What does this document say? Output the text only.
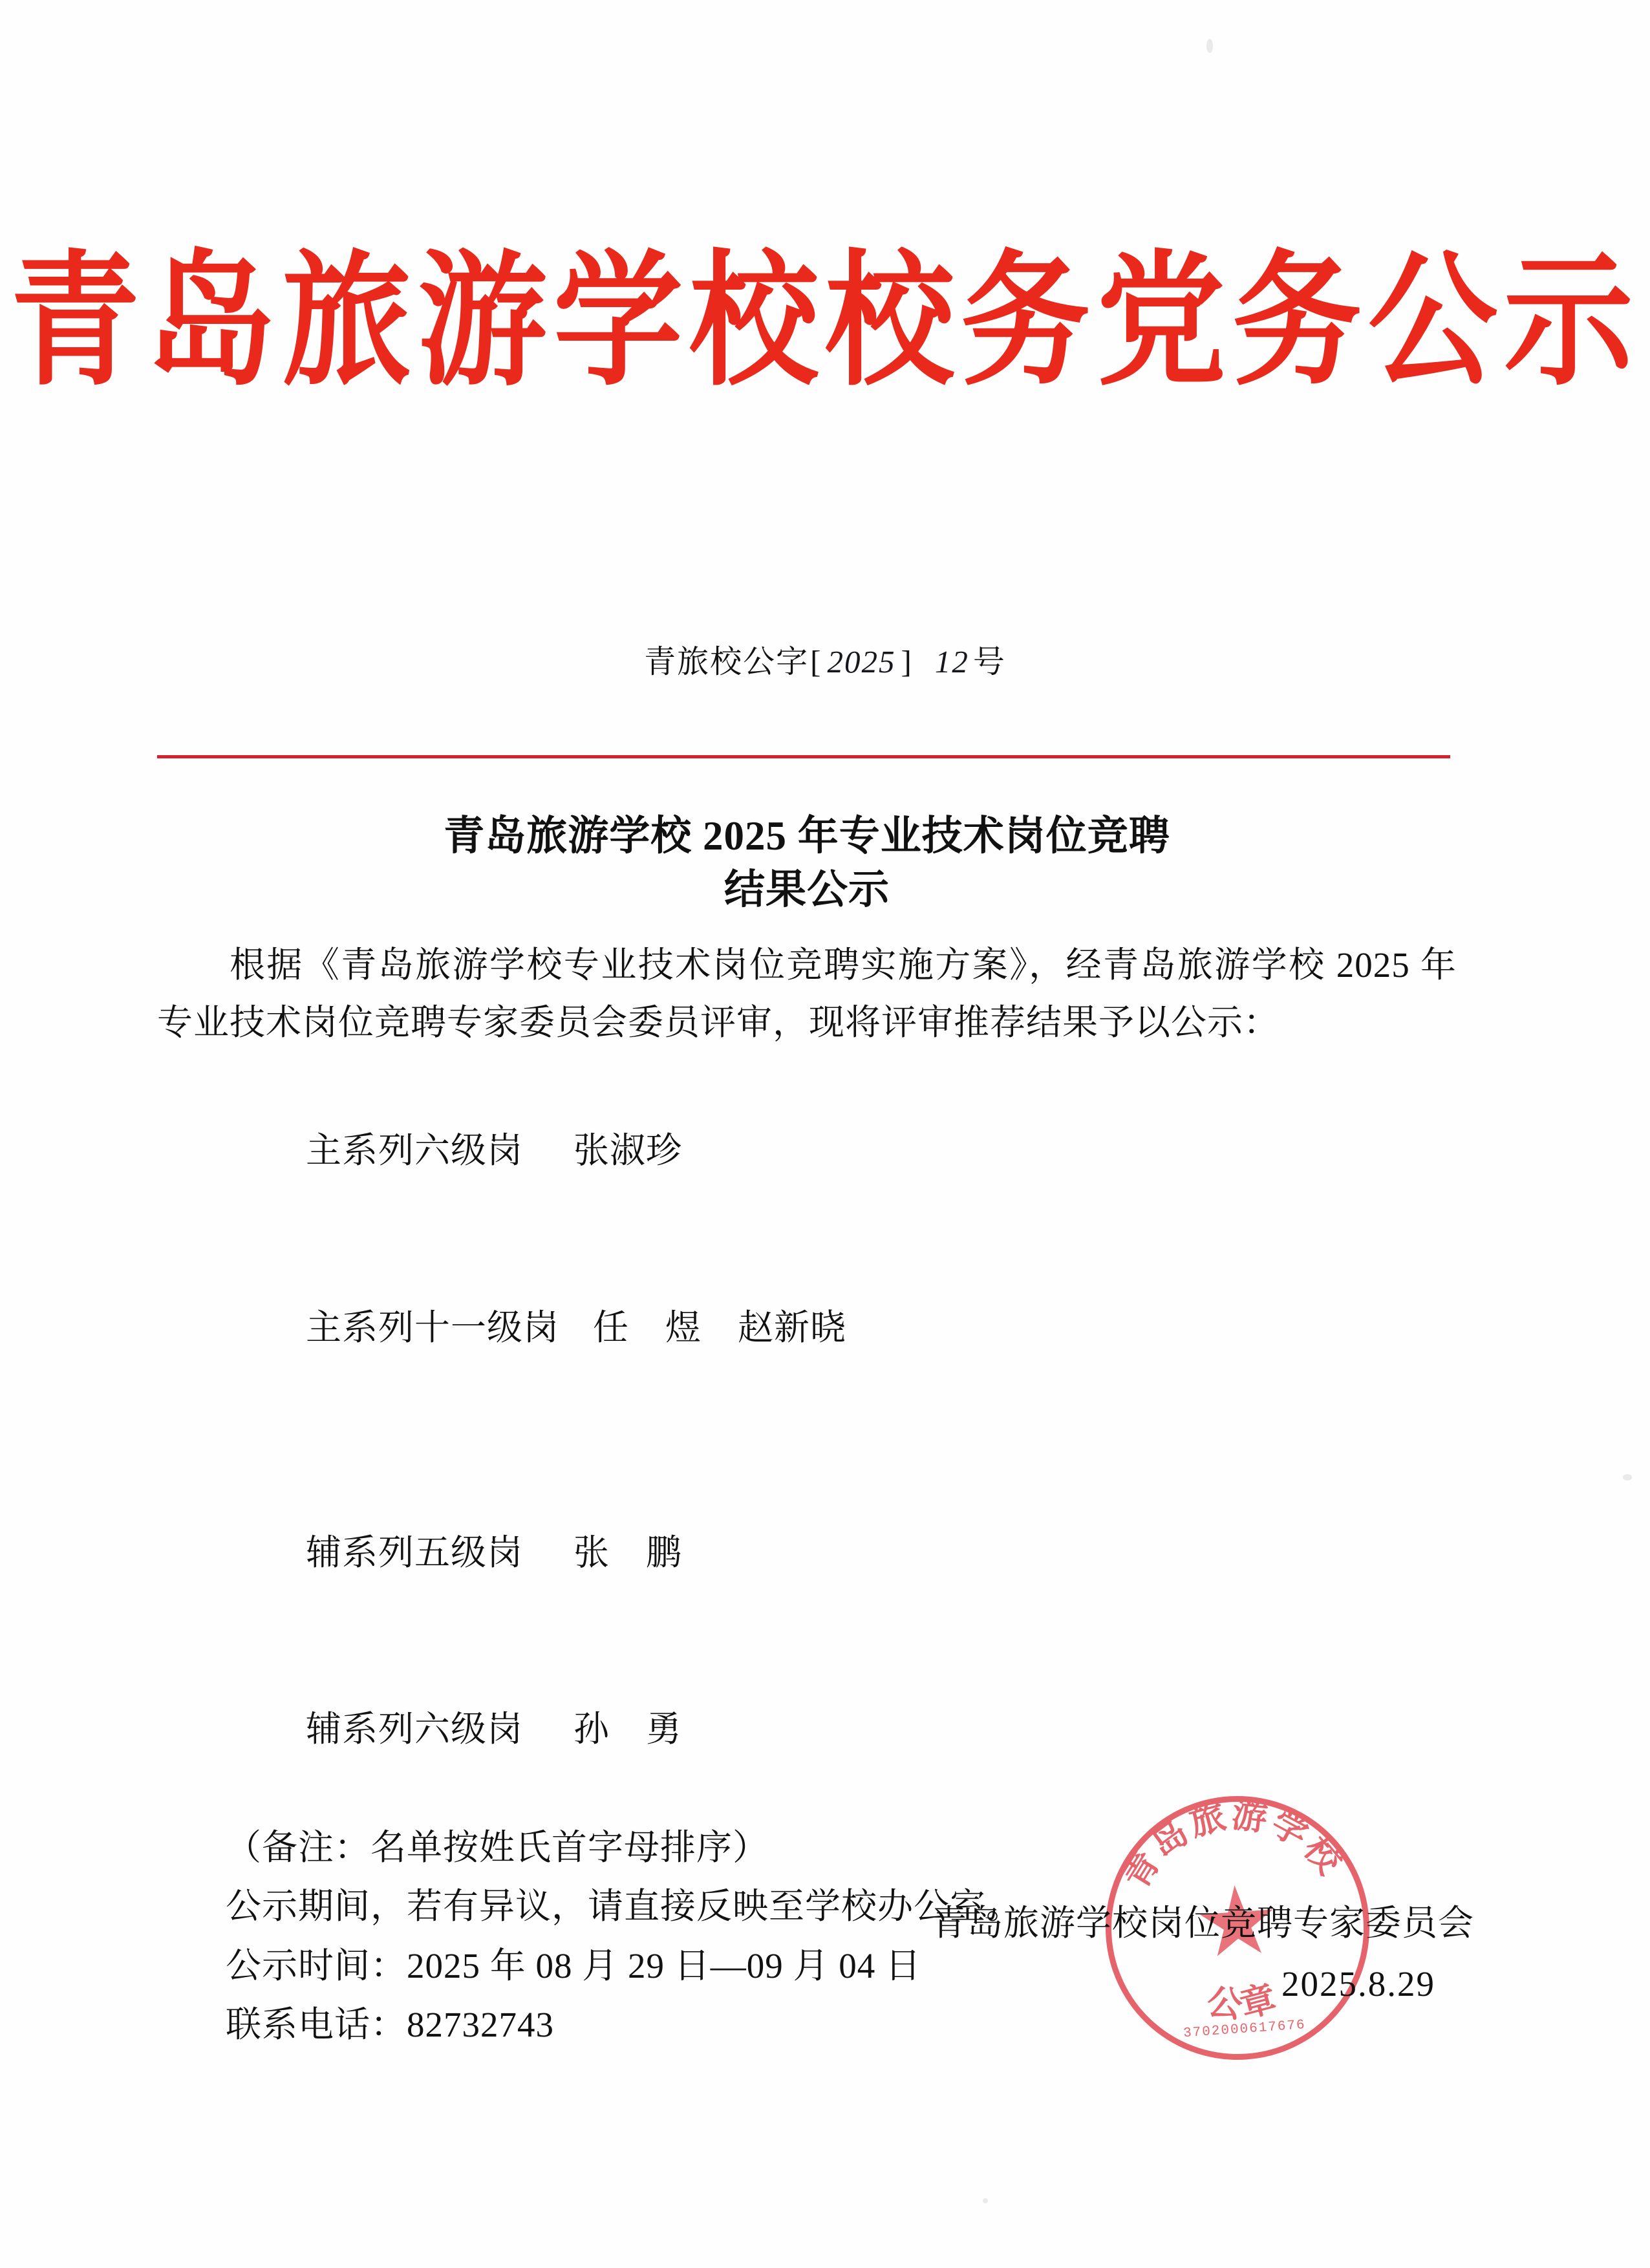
青岛旅游学校校务党务公示
青旅校公字[ 2025 ] 12 号
青岛旅游学校 2025 年专业技术岗位竞聘
结果公示
根据《青岛旅游学校专业技术岗位竞聘实施方案》，经青岛旅游学校 2025 年专业技术岗位竞聘专家委员会委员评审，现将评审推荐结果予以公示：

主系列六级岗 张淑珍

主系列十一级岗 任　煜　赵新晓

辅系列五级岗 张　鹏

辅系列六级岗 孙　勇

（备注：名单按姓氏首字母排序）
公示期间，若有异议，请直接反映至学校办公室。
公示时间：2025 年 08 月 29 日—09 月 04 日
联系电话：82732743
青岛旅游学校
公章
3702000617676
青岛旅游学校岗位竞聘专家委员会
2025.8.29
